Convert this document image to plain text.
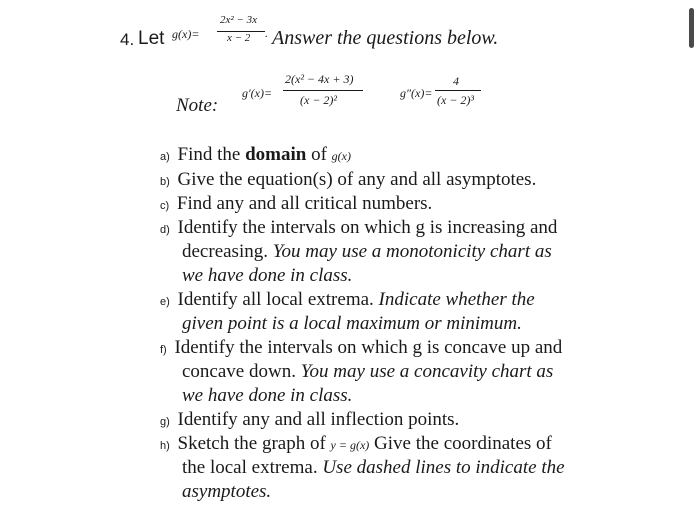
4. Let g(x)=
2x² − 3x
x − 2 . Answer the questions below.
Note:
g′(x)=
2(x² − 4x + 3)
(x − 2)²	g″(x)=
4
(x − 2)³
a) Find the domain of g(x)
b) Give the equation(s) of any and all asymptotes.
c) Find any and all critical numbers.
d) Identify the intervals on which g is increasing and
decreasing. You may use a monotonicity chart as
we have done in class.
e) Identify all local extrema. Indicate whether the
given point is a local maximum or minimum.
f) Identify the intervals on which g is concave up and
concave down. You may use a concavity chart as
we have done in class.
g) Identify any and all inflection points.
h) Sketch the graph of y = g(x) Give the coordinates of
the local extrema. Use dashed lines to indicate the
asymptotes.
